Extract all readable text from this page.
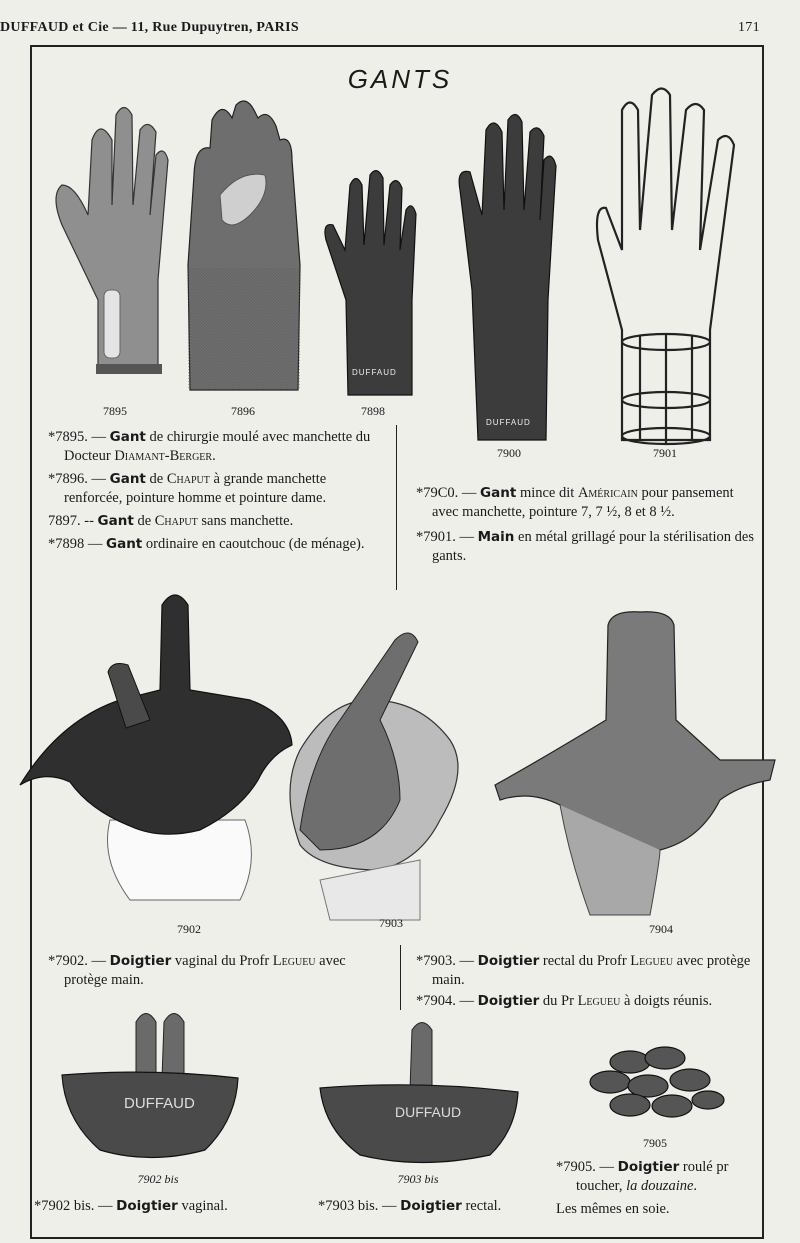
DUFFAUD et Cie — 11, Rue Dupuytren, PARIS	171
GANTS
DUFFAUD
DUFFAUD
DUFFAUD	DUFFAUD
7895	7896	7898
7900	7901
7902	7903	7904
7902 bis	7903 bis
7905
*7895. — Gant de chirurgie moulé avec manchette du Docteur Diamant-Berger.
*7896. — Gant de Chaput à grande manchette renforcée, pointure homme et pointure dame.
7897. -- Gant de Chaput sans manchette.
*7898 — Gant ordinaire en caoutchouc (de ménage).
*79C0. — Gant mince dit Américain pour pansement avec manchette, pointure 7, 7 ½, 8 et 8 ½.
*7901. — Main en métal grillagé pour la stérilisation des gants.
*7902. — Doigtier vaginal du Profr Legueu avec protège main.
*7903. — Doigtier rectal du Profr Legueu avec protège main.
*7904. — Doigtier du Pr Legueu à doigts réunis.
*7902 bis. — Doigtier vaginal.	*7903 bis. — Doigtier rectal.
*7905. — Doigtier roulé pr toucher, la douzaine.
Les mêmes en soie.
